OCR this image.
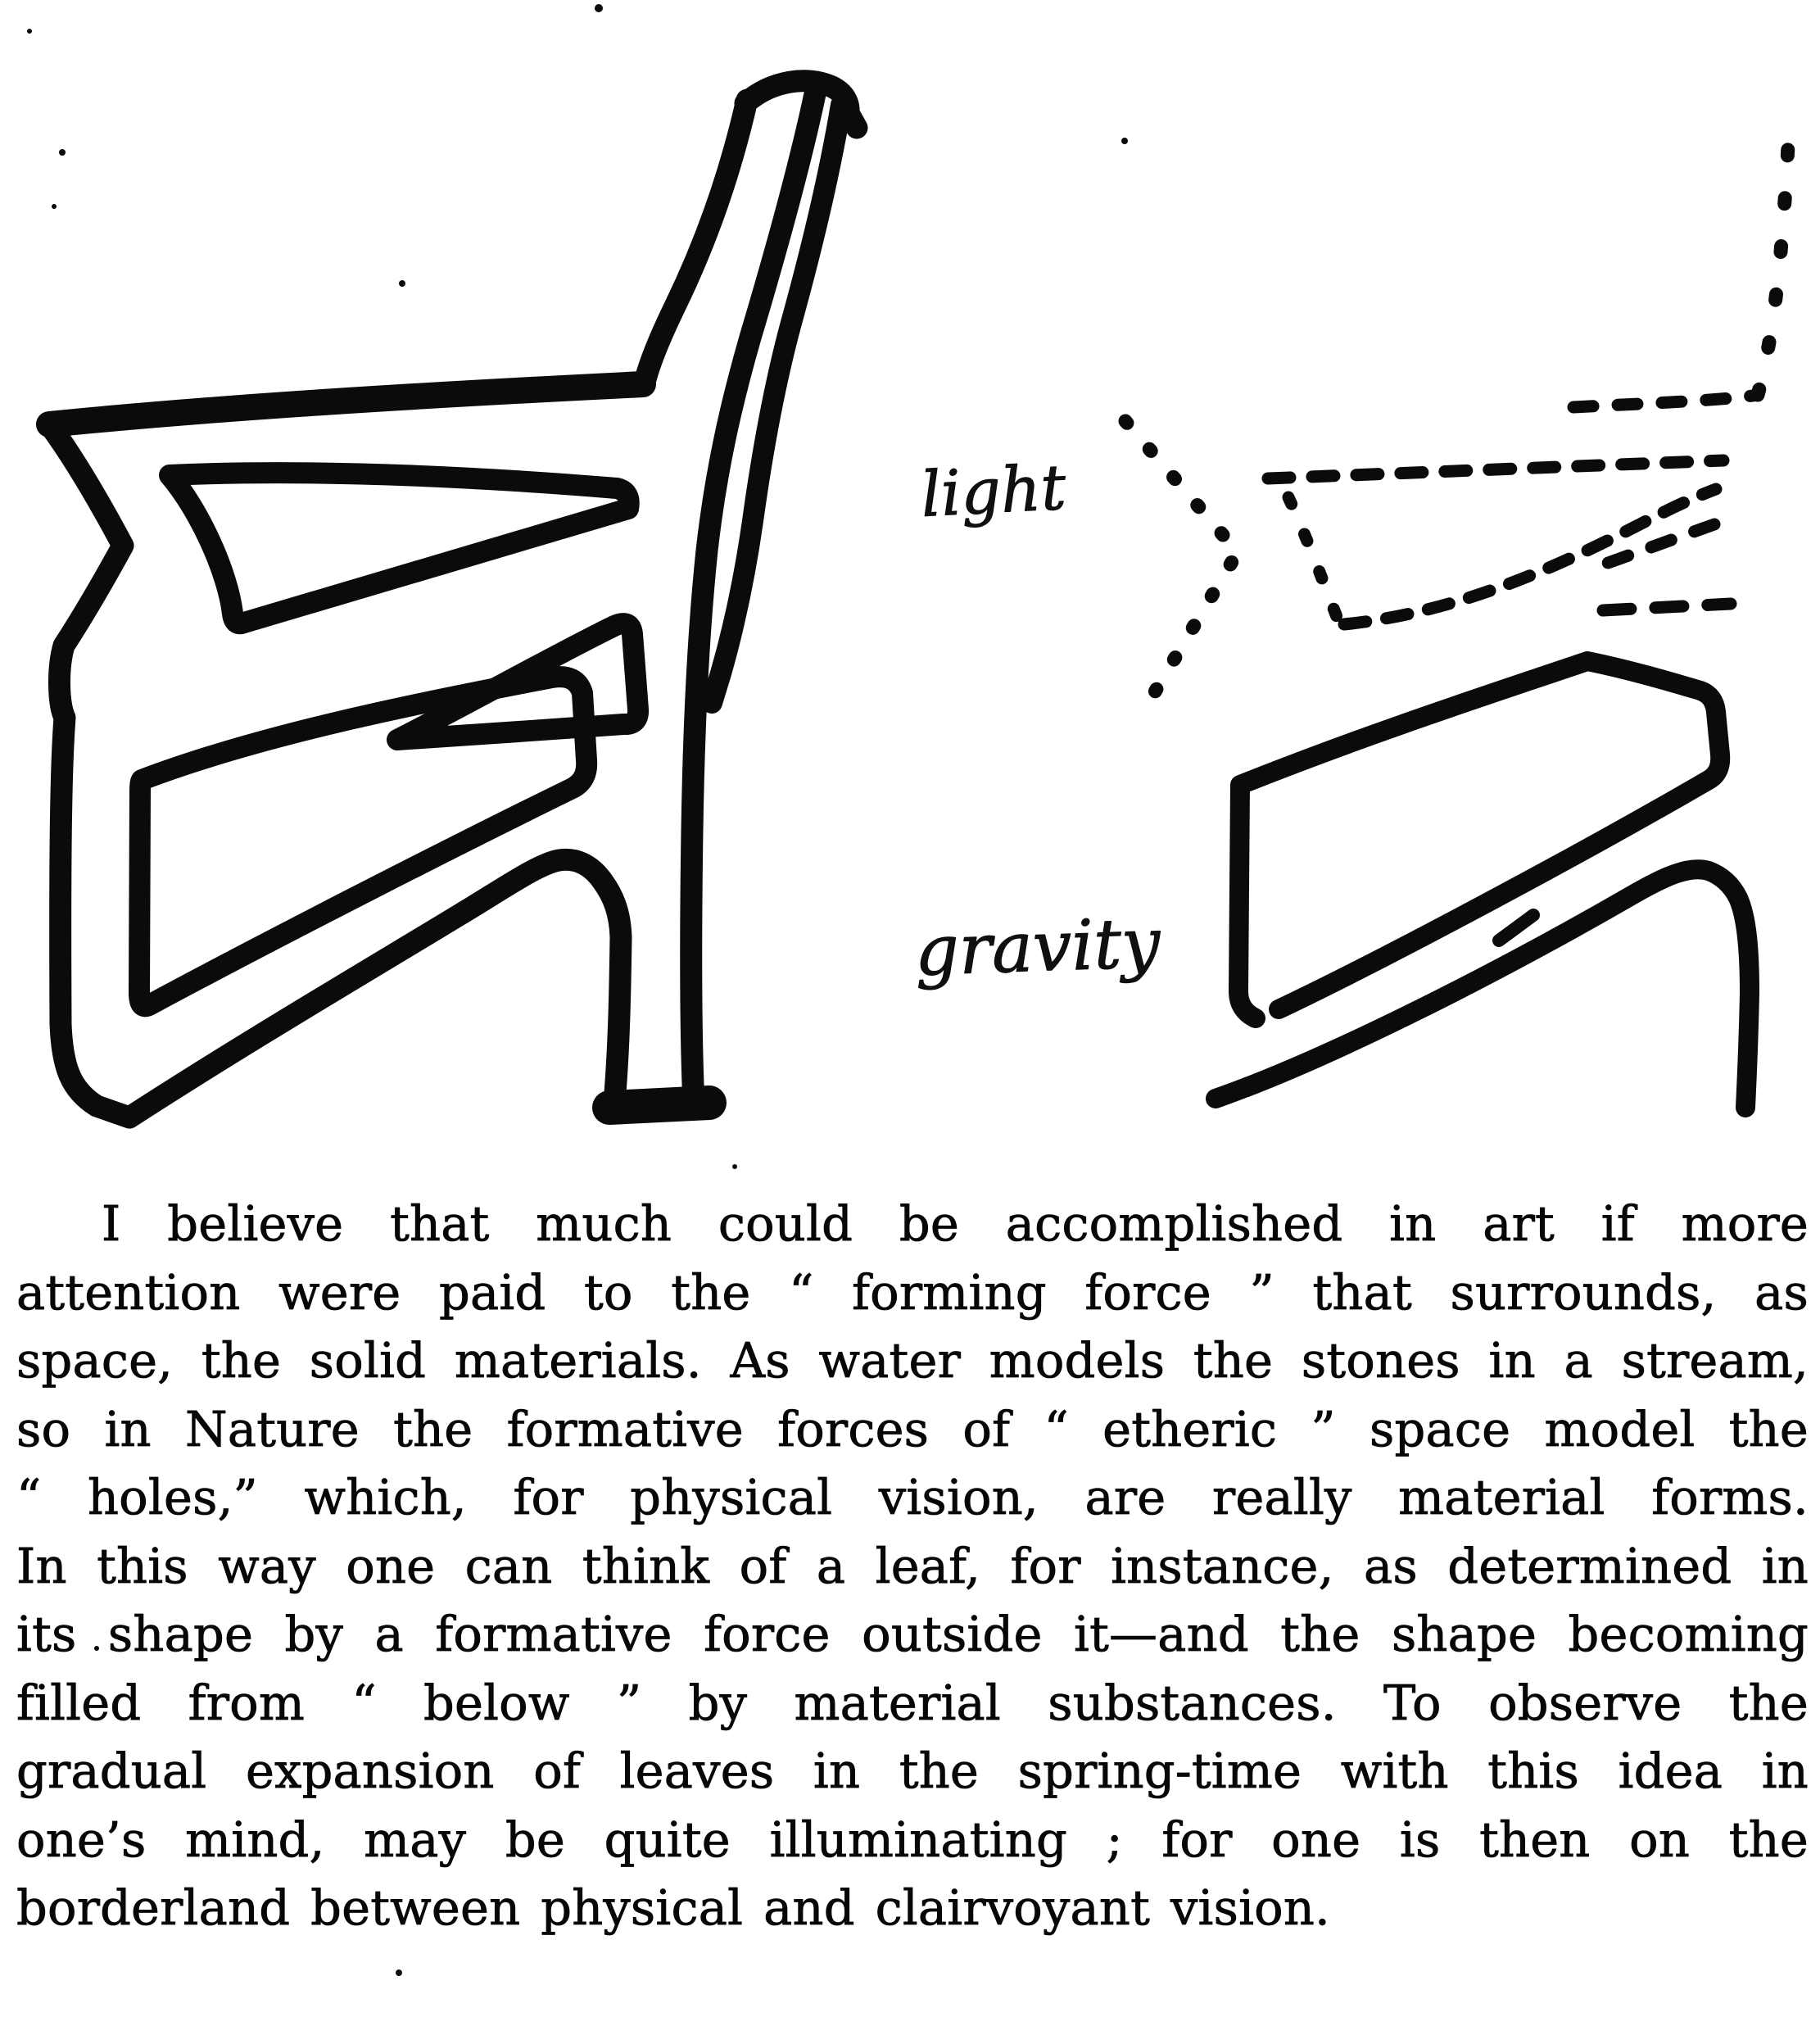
light
gravity
I believe that much could be accomplished in art if more
attention were paid to the “ forming force ” that surrounds, as
space, the solid materials. As water models the stones in a stream,
so in Nature the formative forces of “ etheric ” space model the
“ holes,” which, for physical vision, are really material forms.
In this way one can think of a leaf, for instance, as determined in
its shape by a formative force outside it—and the shape becoming
filled from “ below ” by material substances. To observe the
gradual expansion of leaves in the spring-time with this idea in
one’s mind, may be quite illuminating ; for one is then on the
borderland between physical and clairvoyant vision.
